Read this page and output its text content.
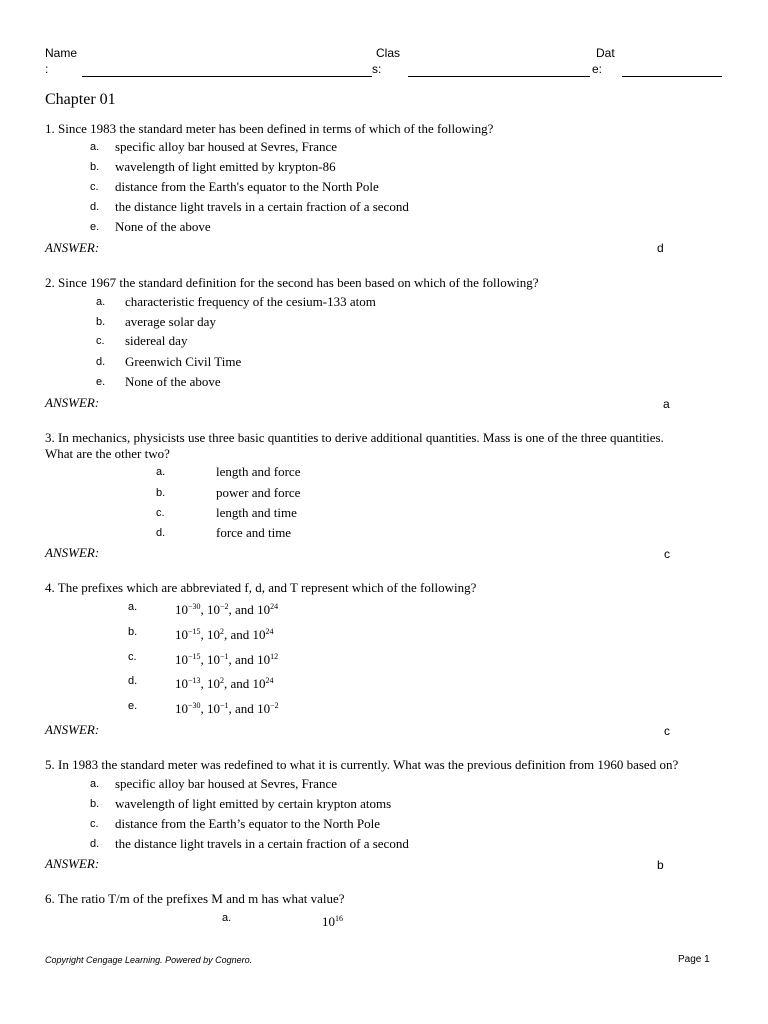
Name
:
Clas
s:
Dat
e:
Chapter 01
1. Since 1983 the standard meter has been defined in terms of which of the following?
a. specific alloy bar housed at Sevres, France
b. wavelength of light emitted by krypton-86
c. distance from the Earth's equator to the North Pole
d. the distance light travels in a certain fraction of a second
e. None of the above
ANSWER:	d
2. Since 1967 the standard definition for the second has been based on which of the following?
a. characteristic frequency of the cesium-133 atom
b. average solar day
c. sidereal day
d. Greenwich Civil Time
e. None of the above
ANSWER:	a
3. In mechanics, physicists use three basic quantities to derive additional quantities. Mass is one of the three quantities.
What are the other two?
a.	length and force
b.	power and force
c.	length and time
d.	force and time
ANSWER:	c
4. The prefixes which are abbreviated f, d, and T represent which of the following?
a.	$10^{-30}$, $10^{-2}$, and $10^{24}$
b.	$10^{-15}$, $10^2$, and $10^{24}$
c.	$10^{-15}$, $10^{-1}$, and $10^{12}$
d.	$10^{-13}$, $10^2$, and $10^{24}$
e.	$10^{-30}$, $10^{-1}$, and $10^{-2}$
ANSWER:	c
5. In 1983 the standard meter was redefined to what it is currently. What was the previous definition from 1960 based on?
a. specific alloy bar housed at Sevres, France
b. wavelength of light emitted by certain krypton atoms
c. distance from the Earth’s equator to the North Pole
d. the distance light travels in a certain fraction of a second
ANSWER:	b
6. The ratio T/m of the prefixes M and m has what value?
a.	$10^{16}$
Copyright Cengage Learning. Powered by Cognero.	Page 1
